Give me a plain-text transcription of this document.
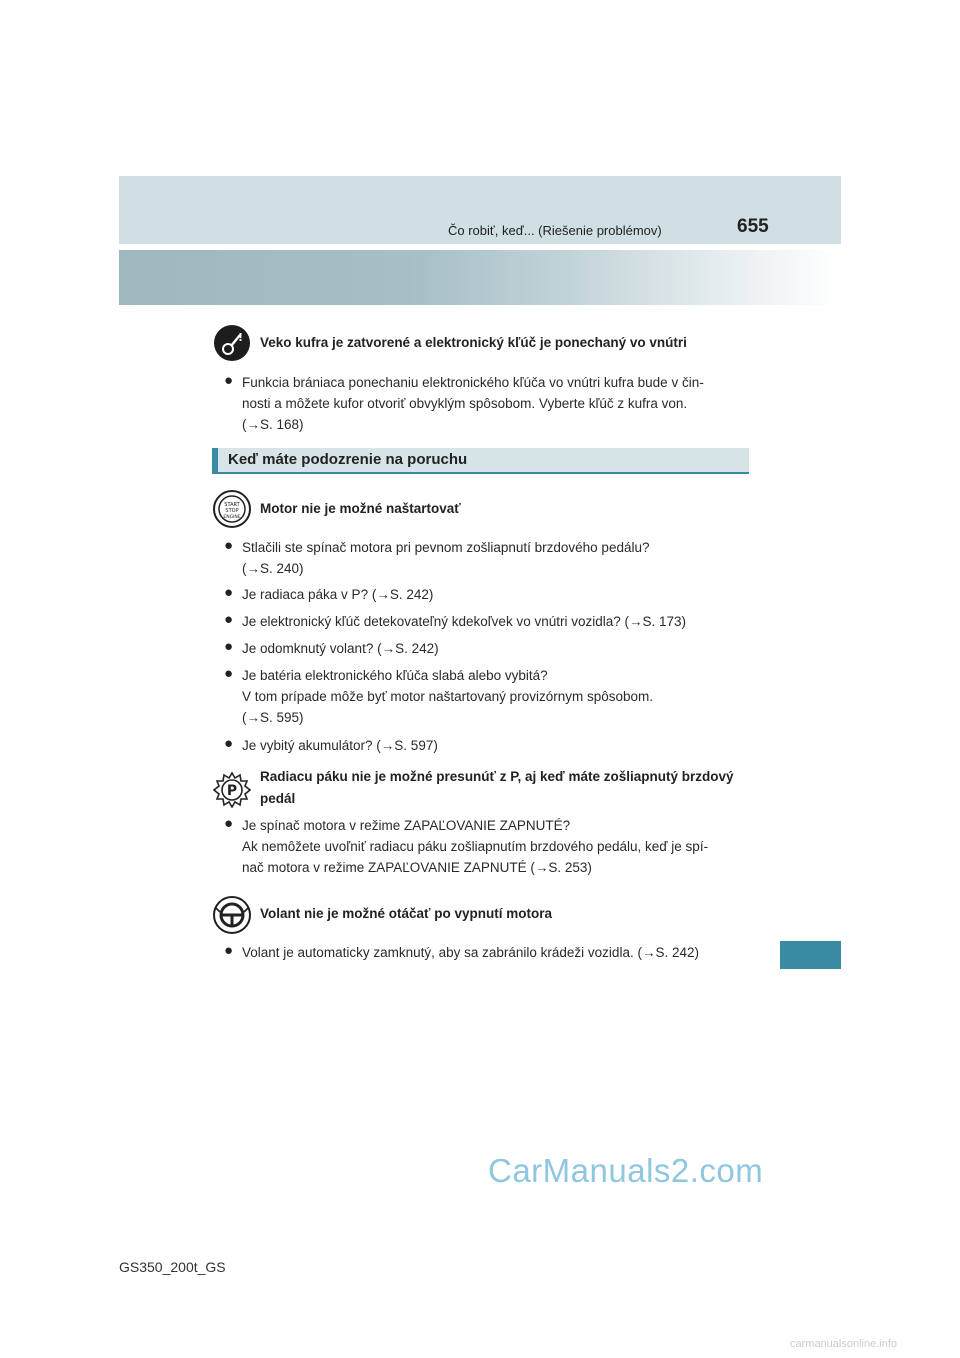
Čo robiť, keď... (Riešenie problémov)	655
! Veko kufra je zatvorené a elektronický kľúč je ponechaný vo vnútri
● Funkcia brániaca ponechaniu elektronického kľúča vo vnútri kufra bude v čin-
nosti a môžete kufor otvoriť obvyklým spôsobom. Vyberte kľúč z kufra von.
(→S. 168)
Keď máte podozrenie na poruchu
START
STOP
ENGINE
Motor nie je možné naštartovať
● Stlačili ste spínač motora pri pevnom zošliapnutí brzdového pedálu?
(→S. 240)
● Je radiaca páka v P? (→S. 242)
● Je elektronický kľúč detekovateľný kdekoľvek vo vnútri vozidla? (→S. 173)
● Je odomknutý volant? (→S. 242)
● Je batéria elektronického kľúča slabá alebo vybitá?
V tom prípade môže byť motor naštartovaný provizórnym spôsobom.
(→S. 595)
● Je vybitý akumulátor? (→S. 597)
P
Radiacu páku nie je možné presunúť z P, aj keď máte zošliapnutý brzdový
pedál
● Je spínač motora v režime ZAPAĽOVANIE ZAPNUTÉ?
Ak nemôžete uvoľniť radiacu páku zošliapnutím brzdového pedálu, keď je spí-
nač motora v režime ZAPAĽOVANIE ZAPNUTÉ (→S. 253)
Volant nie je možné otáčať po vypnutí motora
● Volant je automaticky zamknutý, aby sa zabránilo krádeži vozidla. (→S. 242)
CarManuals2.com
GS350_200t_GS
carmanualsonline.info
